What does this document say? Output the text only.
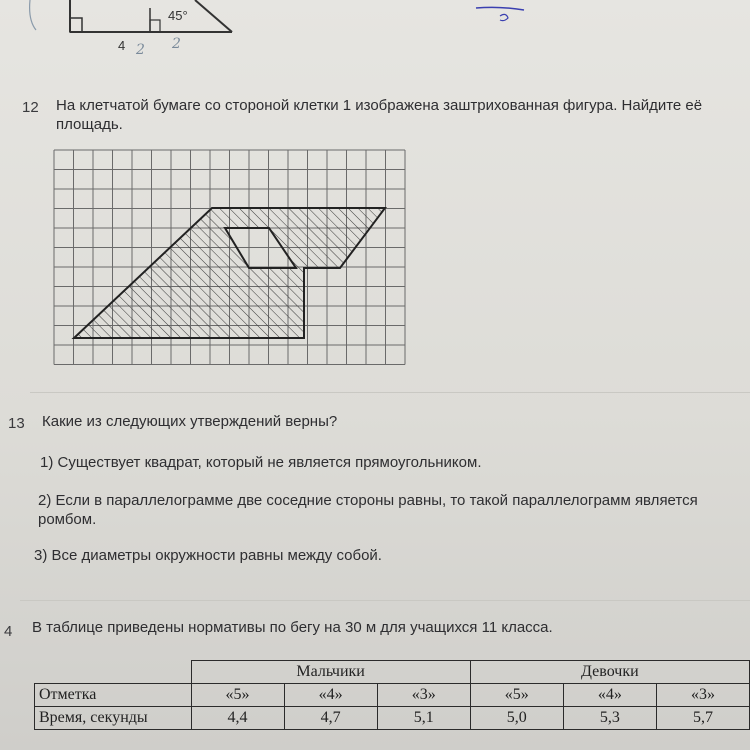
45°
4 2 2
12 На клетчатой бумаге со стороной клетки 1 изображена заштрихованная фигура. Найдите её площадь.
13 Какие из следующих утверждений верны?
1) Существует квадрат, который не является прямоугольником.
2) Если в параллелограмме две соседние стороны равны, то такой параллелограмм является ромбом.
3) Все диаметры окружности равны между собой.
4 В таблице приведены нормативы по бегу на 30 м для учащихся 11 класса.
	Мальчики			Девочки		
Отметка	«5»	«4»	«3»	«5»	«4»	«3»
Время, секунды	4,4	4,7	5,1	5,0	5,3	5,7
